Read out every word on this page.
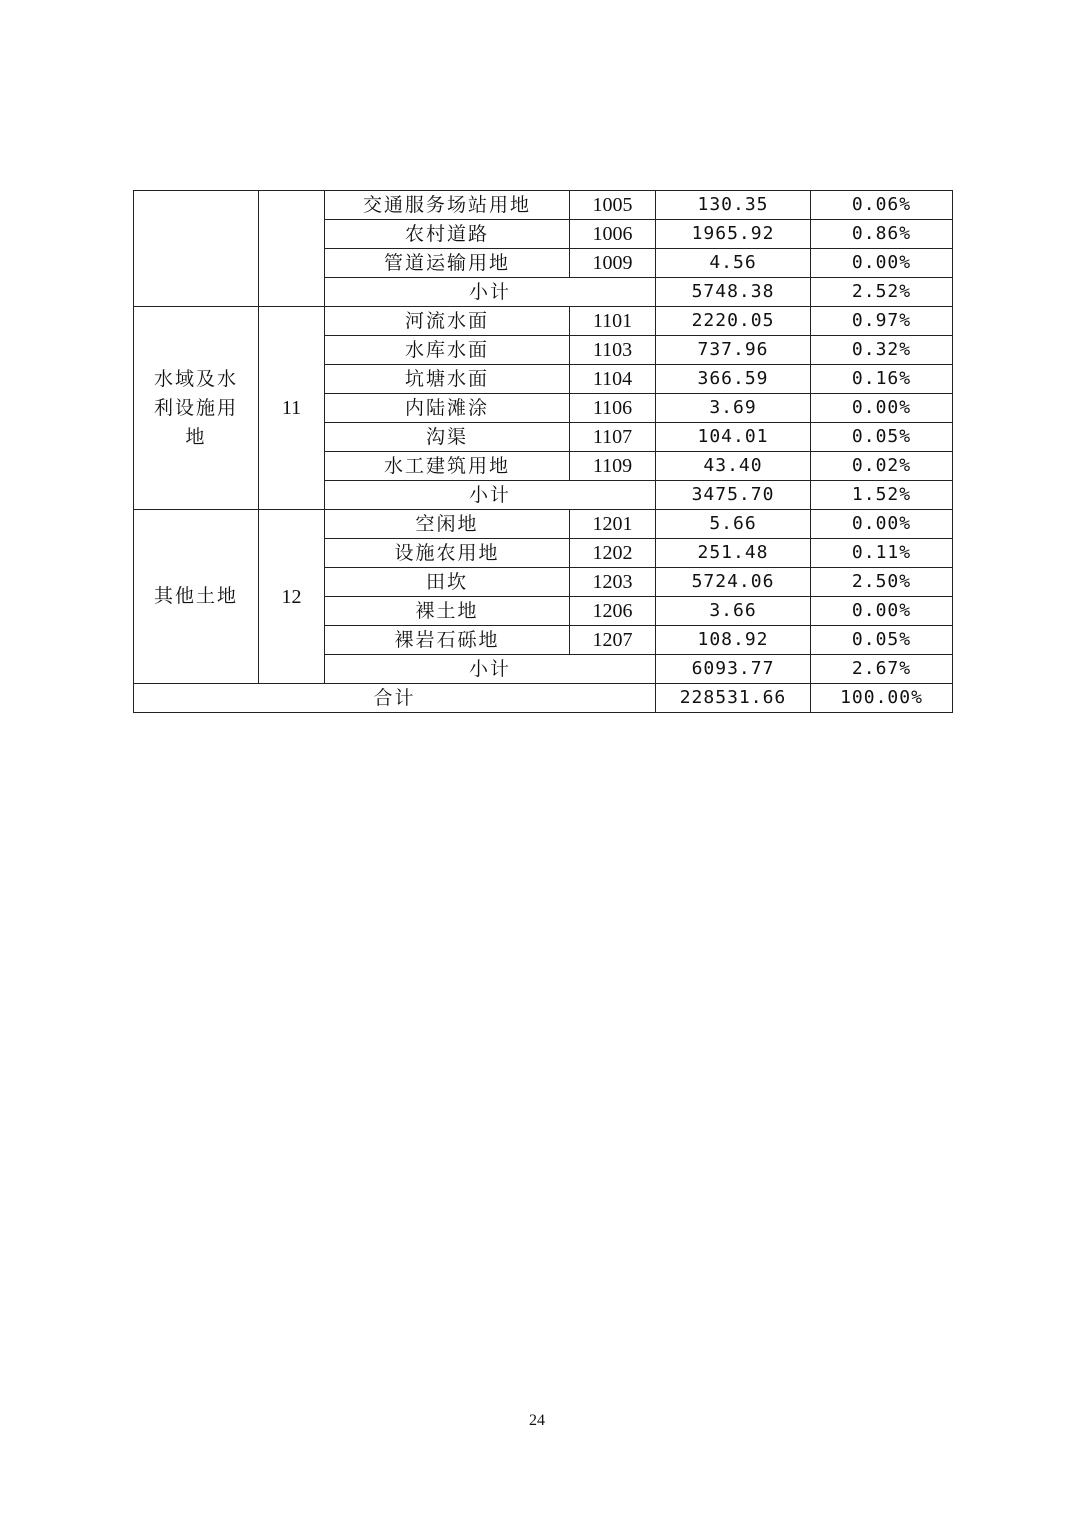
		交通服务场站用地	1005	130.35	0.06%
		农村道路	1006	1965.92	0.86%
		管道运输用地	1009	4.56	0.00%
		小计		5748.38	2.52%
水域及水利设施用地	11	河流水面	1101	2220.05	0.97%
		水库水面	1103	737.96	0.32%
		坑塘水面	1104	366.59	0.16%
		内陆滩涂	1106	3.69	0.00%
		沟渠	1107	104.01	0.05%
		水工建筑用地	1109	43.40	0.02%
		小计		3475.70	1.52%
其他土地	12	空闲地	1201	5.66	0.00%
		设施农用地	1202	251.48	0.11%
		田坎	1203	5724.06	2.50%
		裸土地	1206	3.66	0.00%
		裸岩石砾地	1207	108.92	0.05%
		小计		6093.77	2.67%
合计				228531.66	100.00%
24
